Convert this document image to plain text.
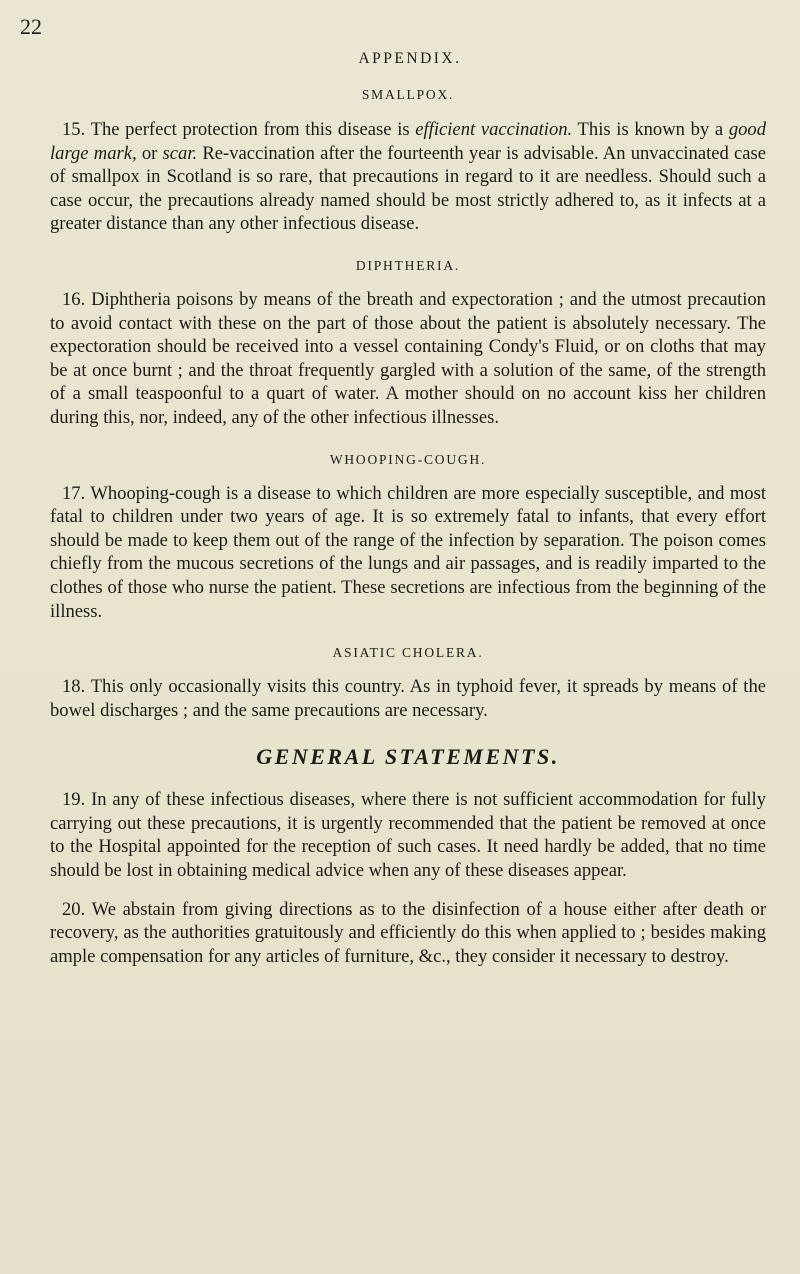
22
APPENDIX.
SMALLPOX.

15. The perfect protection from this disease is efficient vaccination. This is known by a good large mark, or scar. Re-vaccination after the fourteenth year is advisable. An unvaccinated case of smallpox in Scotland is so rare, that precautions in regard to it are needless. Should such a case occur, the precautions already named should be most strictly adhered to, as it infects at a greater distance than any other infectious disease.

DIPHTHERIA.

16. Diphtheria poisons by means of the breath and expectoration ; and the utmost precaution to avoid contact with these on the part of those about the patient is absolutely necessary. The expectoration should be received into a vessel containing Condy's Fluid, or on cloths that may be at once burnt ; and the throat frequently gargled with a solution of the same, of the strength of a small teaspoonful to a quart of water. A mother should on no account kiss her children during this, nor, indeed, any of the other infectious illnesses.

WHOOPING-COUGH.

17. Whooping-cough is a disease to which children are more especially susceptible, and most fatal to children under two years of age. It is so extremely fatal to infants, that every effort should be made to keep them out of the range of the infection by separation. The poison comes chiefly from the mucous secretions of the lungs and air passages, and is readily imparted to the clothes of those who nurse the patient. These secretions are infectious from the beginning of the illness.

ASIATIC CHOLERA.

18. This only occasionally visits this country. As in typhoid fever, it spreads by means of the bowel discharges ; and the same precautions are necessary.

GENERAL STATEMENTS.

19. In any of these infectious diseases, where there is not sufficient accommodation for fully carrying out these precautions, it is urgently recommended that the patient be removed at once to the Hospital appointed for the reception of such cases. It need hardly be added, that no time should be lost in obtaining medical advice when any of these diseases appear.

20. We abstain from giving directions as to the disinfection of a house either after death or recovery, as the authorities gratuitously and efficiently do this when applied to ; besides making ample compensation for any articles of furniture, &c., they consider it necessary to destroy.
